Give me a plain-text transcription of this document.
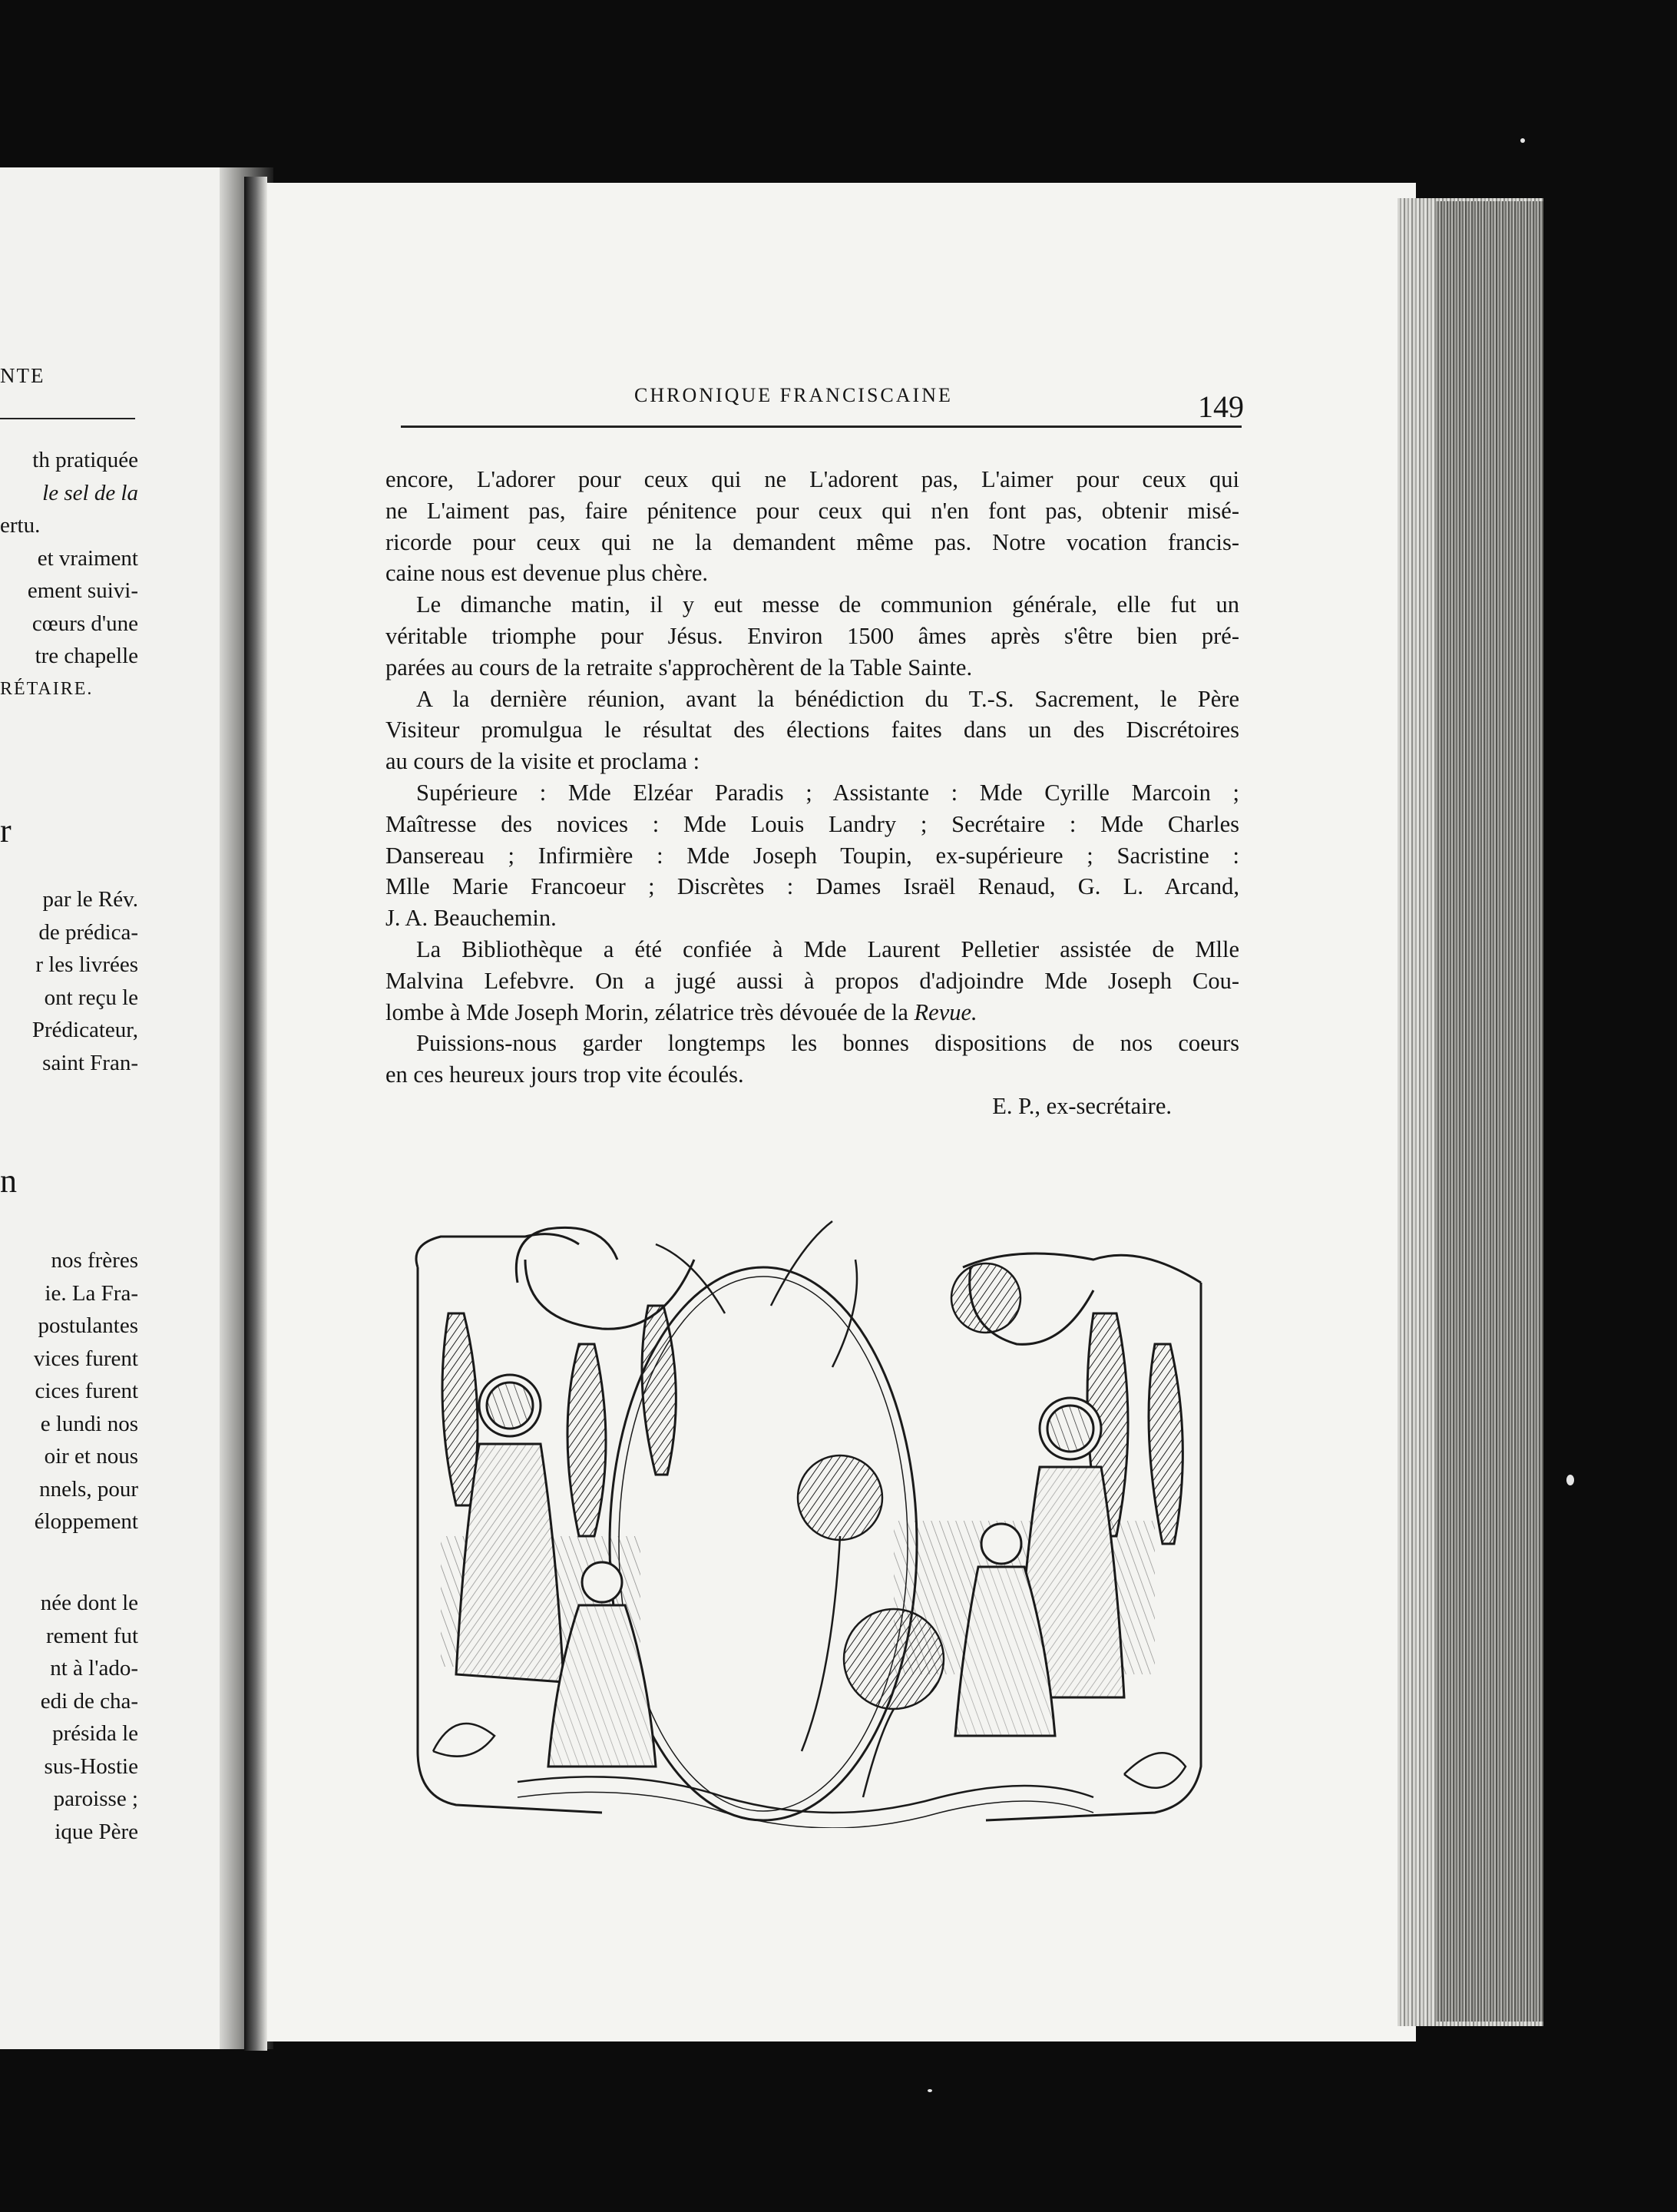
NTE
th pratiquée
le sel de la
ertu.
et vraiment
ement suivi-
cœurs d'une
tre chapelle
RÉTAIRE.
r
par le Rév.
de prédica-
r les livrées
ont reçu le
Prédicateur,
saint Fran-
n
nos frères
ie. La Fra-
postulantes
vices furent
cices furent
e lundi nos
oir et nous
nnels, pour
éloppement
née dont le
rement fut
nt à l'ado-
edi de cha-
présida le
sus-Hostie
paroisse ;
ique Père
CHRONIQUE FRANCISCAINE	149
encore, L'adorer pour ceux qui ne L'adorent pas, L'aimer pour ceux qui
ne L'aiment pas, faire pénitence pour ceux qui n'en font pas, obtenir misé-
ricorde pour ceux qui ne la demandent même pas. Notre vocation francis-
caine nous est devenue plus chère.
Le dimanche matin, il y eut messe de communion générale, elle fut un
véritable triomphe pour Jésus. Environ 1500 âmes après s'être bien pré-
parées au cours de la retraite s'approchèrent de la Table Sainte.
A la dernière réunion, avant la bénédiction du T.-S. Sacrement, le Père
Visiteur promulgua le résultat des élections faites dans un des Discrétoires
au cours de la visite et proclama :
Supérieure : Mde Elzéar Paradis ; Assistante : Mde Cyrille Marcoin ;
Maîtresse des novices : Mde Louis Landry ; Secrétaire : Mde Charles
Dansereau ; Infirmière : Mde Joseph Toupin, ex-supérieure ; Sacristine :
Mlle Marie Francoeur ; Discrètes : Dames Israël Renaud, G. L. Arcand,
J. A. Beauchemin.
La Bibliothèque a été confiée à Mde Laurent Pelletier assistée de Mlle
Malvina Lefebvre. On a jugé aussi à propos d'adjoindre Mde Joseph Cou-
lombe à Mde Joseph Morin, zélatrice très dévouée de la Revue.
Puissions-nous garder longtemps les bonnes dispositions de nos coeurs
en ces heureux jours trop vite écoulés.
E. P., ex-secrétaire.
